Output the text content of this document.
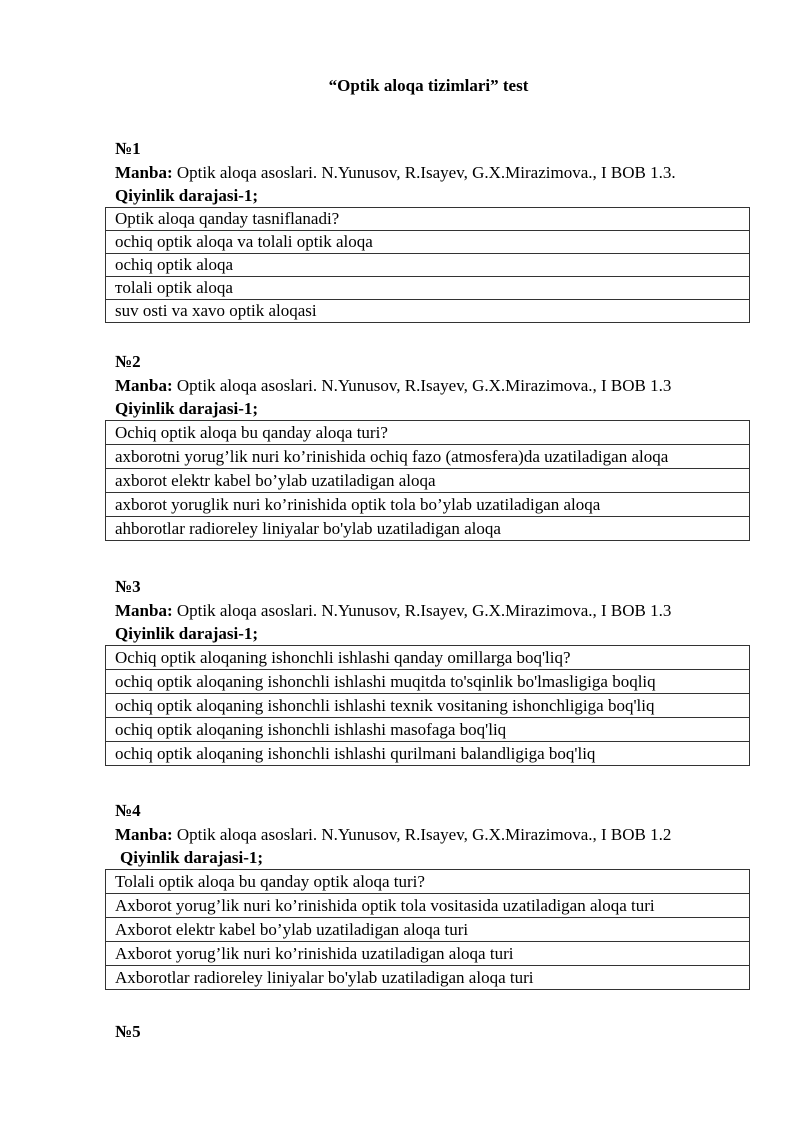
“Optik aloqa tizimlari” test
№1
Manba: Optik aloqa asoslari. N.Yunusov, R.Isayev, G.X.Mirazimova., I BOB 1.3.
Qiyinlik darajasi-1;
Optik aloqa qanday tasniflanadi?
ochiq optik aloqa va tolali optik aloqa
ochiq optik aloqa
тolali optik aloqa
suv osti va xavo optik aloqasi
№2
Manba: Optik aloqa asoslari. N.Yunusov, R.Isayev, G.X.Mirazimova., I BOB 1.3
Qiyinlik darajasi-1;
Ochiq optik aloqa bu qanday aloqa turi?
axborotni yorug’lik nuri ko’rinishida ochiq fazo (atmosfera)da uzatiladigan aloqa
axborot elektr kabel bo’ylab uzatiladigan aloqa
axborot yoruglik nuri ko’rinishida optik tola bo’ylab uzatiladigan aloqa
ahborotlar radioreley liniyalar bo'ylab uzatiladigan aloqa
№3
Manba: Optik aloqa asoslari. N.Yunusov, R.Isayev, G.X.Mirazimova., I BOB 1.3
Qiyinlik darajasi-1;
Ochiq optik aloqaning ishonchli ishlashi qanday omillarga boq'liq?
ochiq optik aloqaning ishonchli ishlashi muqitda to'sqinlik bo'lmasligiga boqliq
ochiq optik aloqaning ishonchli ishlashi texnik vositaning ishonchligiga boq'liq
ochiq optik aloqaning ishonchli ishlashi masofaga boq'liq
ochiq optik aloqaning ishonchli ishlashi qurilmani balandligiga boq'liq
№4
Manba: Optik aloqa asoslari. N.Yunusov, R.Isayev, G.X.Mirazimova., I BOB 1.2
Qiyinlik darajasi-1;
Tolali optik aloqa bu qanday optik aloqa turi?
Axborot yorug’lik nuri ko’rinishida optik tola vositasida uzatiladigan aloqa turi
Axborot elektr kabel bo’ylab uzatiladigan aloqa turi
Axborot yorug’lik nuri ko’rinishida uzatiladigan aloqa turi
Axborotlar radioreley liniyalar bo'ylab uzatiladigan aloqa turi
№5
